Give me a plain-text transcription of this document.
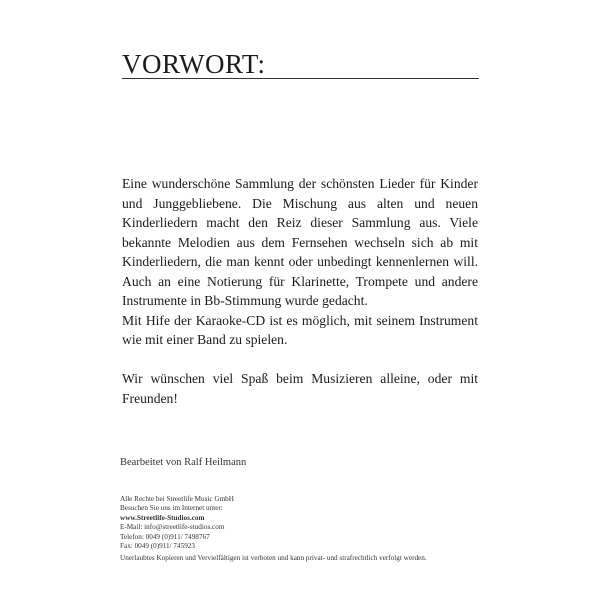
VORWORT:

Eine wunderschöne Sammlung der schönsten Lieder für Kinder und Junggebliebene. Die Mischung aus alten und neuen Kinderliedern macht den Reiz dieser Sammlung aus. Viele bekannte Melodien aus dem Fernsehen wechseln sich ab mit Kinderliedern, die man kennt oder unbedingt kennenlernen will. Auch an eine Notierung für Klarinette, Trompete und andere Instrumente in Bb-Stimmung wurde gedacht.

Mit Hife der Karaoke-CD ist es möglich, mit seinem Instrument wie mit einer Band zu spielen.

Wir wünschen viel Spaß beim Musizieren alleine, oder mit Freunden!

Bearbeitet von Ralf Heilmann
Alle Rechte bei Streetlife Music GmbH
Besuchen Sie uns im Internet unter:
www.Streetlife-Studios.com
E-Mail: info@streetlife-studios.com
Telefon: 0049 (0)911/ 7498767
Fax: 0049 (0)911/ 745923
Unerlaubtes Kopieren und Vervielfältigen ist verboten und kann privat- und strafrechtlich verfolgt werden.
